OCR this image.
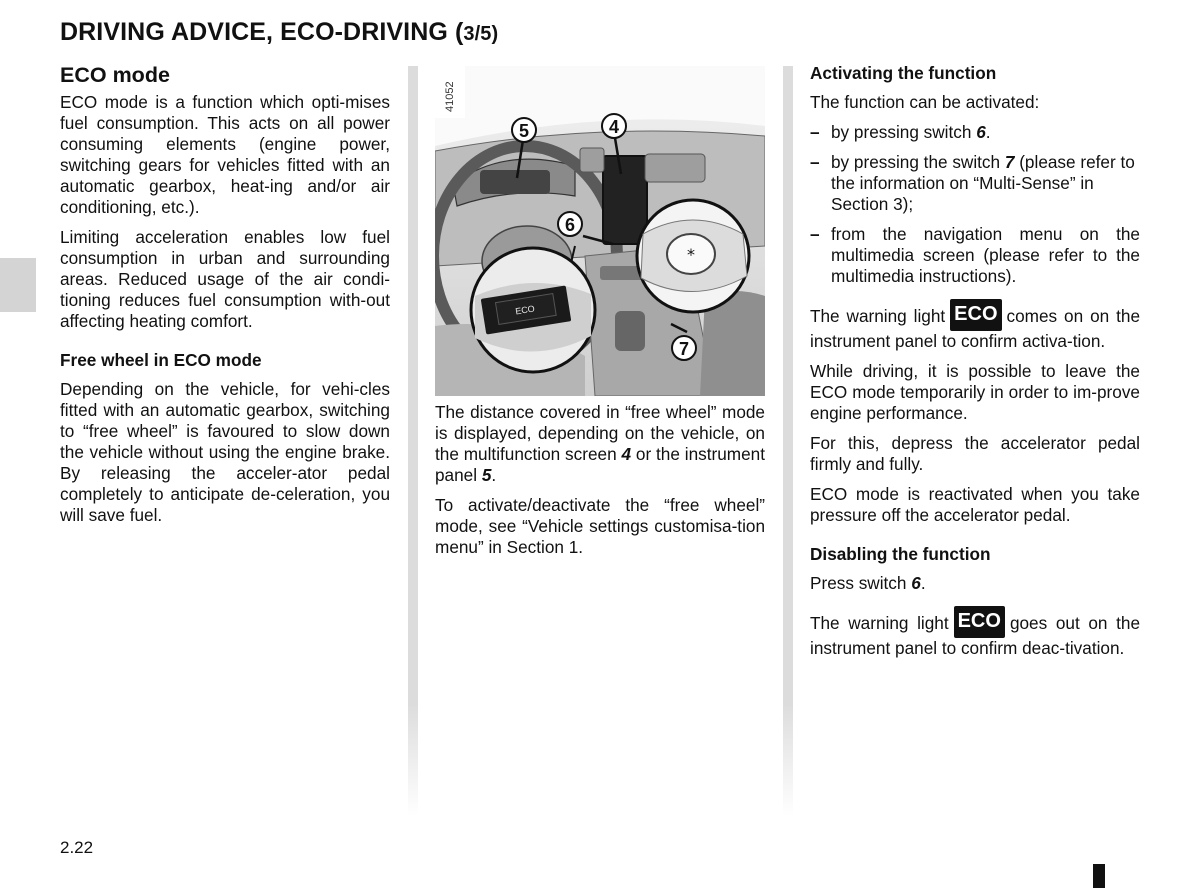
DRIVING ADVICE, ECO-DRIVING (3/5)
ECO mode

ECO mode is a function which opti-mises fuel consumption. This acts on all power consuming elements (engine power, switching gears for vehicles fitted with an automatic gearbox, heat-ing and/or air conditioning, etc.).

Limiting acceleration enables low fuel consumption in urban and surrounding areas. Reduced usage of the air condi-tioning reduces fuel consumption with-out affecting heating comfort.

Free wheel in ECO mode

Depending on the vehicle, for vehi-cles fitted with an automatic gearbox, switching to “free wheel” is favoured to slow down the vehicle without using the engine brake. By releasing the acceler-ator pedal completely to anticipate de-celeration, you will save fuel.

ECO
*
5	4
6
7
41052

The distance covered in “free wheel” mode is displayed, depending on the vehicle, on the multifunction screen 4 or the instrument panel 5.

To activate/deactivate the “free wheel” mode, see “Vehicle settings customisa-tion menu” in Section 1.

Activating the function

The function can be activated:

– by pressing switch 6.
– by pressing the switch 7 (please refer to the information on “Multi-Sense” in Section 3);
– from the navigation menu on the multimedia screen (please refer to the multimedia instructions).

The warning light ECO comes on on the instrument panel to confirm activa-tion.

While driving, it is possible to leave the ECO mode temporarily in order to im-prove engine performance.

For this, depress the accelerator pedal firmly and fully.

ECO mode is reactivated when you take pressure off the accelerator pedal.

Disabling the function

Press switch 6.

The warning light ECO goes out on the instrument panel to confirm deac-tivation.

2.22
